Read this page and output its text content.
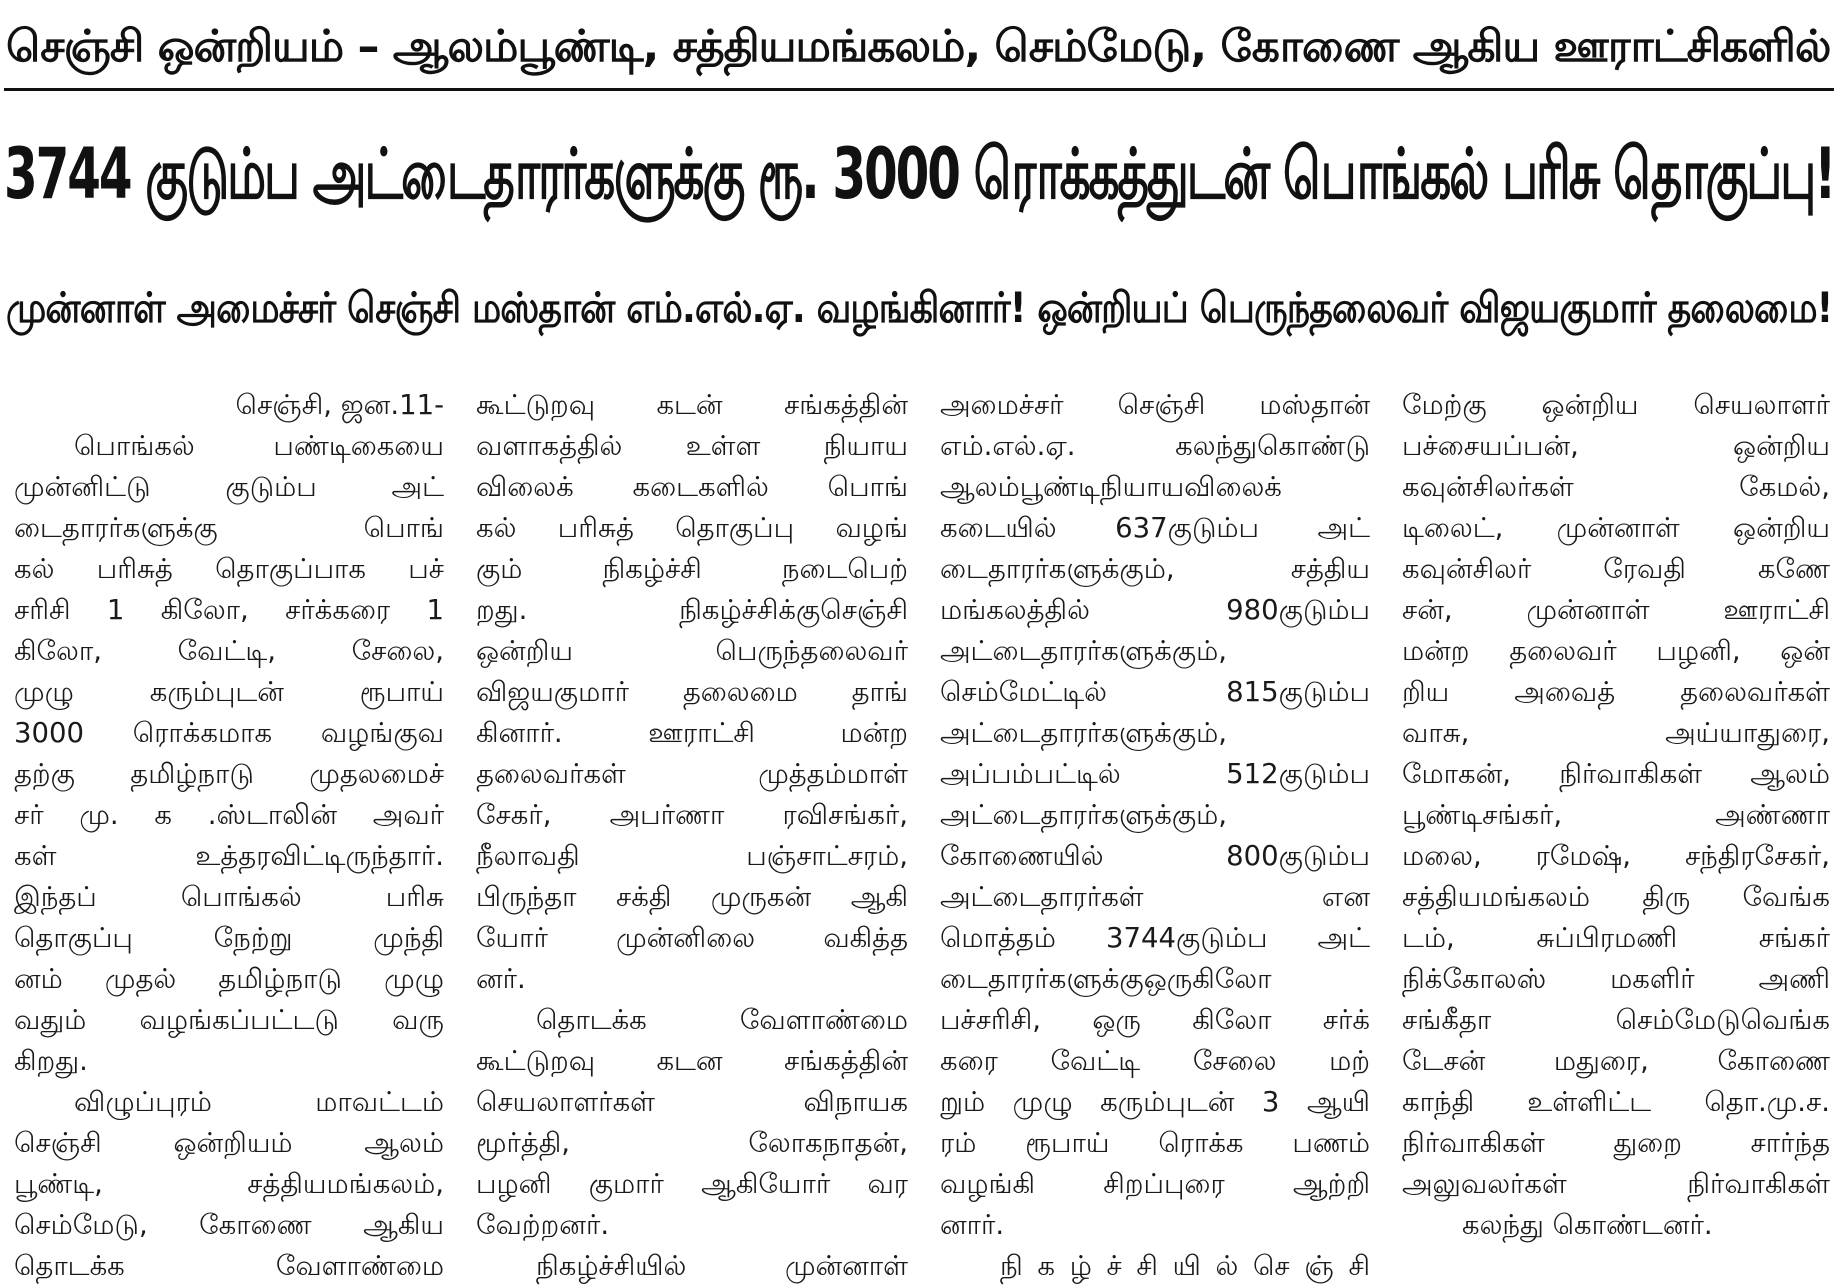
செஞ்சி ஒன்றியம் – ஆலம்பூண்டி, சத்தியமங்கலம், செம்மேடு, கோணை ஆகிய ஊராட்சிகளில்
3744 குடும்ப அட்டைதாரர்களுக்கு ரூ. 3000 ரொக்கத்துடன் பொங்கல் பரிசு தொகுப்பு!
முன்னாள் அமைச்சர் செஞ்சி மஸ்தான் எம்.எல்.ஏ. வழங்கினார்! ஒன்றியப் பெருந்தலைவர் விஜயகுமார் தலைமை!
செஞ்சி, ஜன.11-
பொங்கல் பண்டிகையை
முன்னிட்டு குடும்ப அட்
டைதாரர்களுக்கு பொங்
கல் பரிசுத் தொகுப்பாக பச்
சரிசி 1 கிலோ, சர்க்கரை 1
கிலோ, வேட்டி, சேலை,
முழு கரும்புடன் ரூபாய்
3000 ரொக்கமாக வழங்குவ
தற்கு தமிழ்நாடு முதலமைச்
சர் மு. க .ஸ்டாலின் அவர்
கள் உத்தரவிட்டிருந்தார்.
இந்தப் பொங்கல் பரிசு
தொகுப்பு நேற்று முந்தி
னம் முதல் தமிழ்நாடு முழு
வதும் வழங்கப்பட்டடு வரு
கிறது.
விழுப்புரம் மாவட்டம்
செஞ்சி ஒன்றியம் ஆலம்
பூண்டி, சத்தியமங்கலம்,
செம்மேடு, கோணை ஆகிய
தொடக்க வேளாண்மை
கூட்டுறவு கடன் சங்கத்தின்
வளாகத்தில் உள்ள நியாய
விலைக் கடைகளில் பொங்
கல் பரிசுத் தொகுப்பு வழங்
கும் நிகழ்ச்சி நடைபெற்
றது. நிகழ்ச்சிக்குசெஞ்சி
ஒன்றிய பெருந்தலைவர்
விஜயகுமார் தலைமை தாங்
கினார். ஊராட்சி மன்ற
தலைவர்கள் முத்தம்மாள்
சேகர், அபர்ணா ரவிசங்கர்,
நீலாவதி பஞ்சாட்சரம்,
பிருந்தா சக்தி முருகன் ஆகி
யோர் முன்னிலை வகித்த
னர்.
தொடக்க வேளாண்மை
கூட்டுறவு கடன சங்கத்தின்
செயலாளர்கள் விநாயக
மூர்த்தி, லோகநாதன்,
பழனி குமார் ஆகியோர் வர
வேற்றனர்.
நிகழ்ச்சியில் முன்னாள்
அமைச்சர் செஞ்சி மஸ்தான்
எம்.எல்.ஏ. கலந்துகொண்டு
ஆலம்பூண்டிநியாயவிலைக்
கடையில் 637குடும்ப அட்
டைதாரர்களுக்கும், சத்திய
மங்கலத்தில் 980குடும்ப
அட்டைதாரர்களுக்கும்,
செம்மேட்டில் 815குடும்ப
அட்டைதாரர்களுக்கும்,
அப்பம்பட்டில் 512குடும்ப
அட்டைதாரர்களுக்கும்,
கோணையில் 800குடும்ப
அட்டைதாரர்கள் என
மொத்தம் 3744குடும்ப அட்
டைதாரர்களுக்குஒருகிலோ
பச்சரிசி, ஒரு கிலோ சர்க்
கரை வேட்டி சேலை மற்
றும் முழு கரும்புடன் 3 ஆயி
ரம் ரூபாய் ரொக்க பணம்
வழங்கி சிறப்புரை ஆற்றி
னார்.
நி க ழ் ச் சி யி ல் செ ஞ் சி
மேற்கு ஒன்றிய செயலாளர்
பச்சையப்பன், ஒன்றிய
கவுன்சிலர்கள் கேமல்,
டிலைட், முன்னாள் ஒன்றிய
கவுன்சிலர் ரேவதி கணே
சன், முன்னாள் ஊராட்சி
மன்ற தலைவர் பழனி, ஒன்
றிய அவைத் தலைவர்கள்
வாசு, அய்யாதுரை,
மோகன், நிர்வாகிகள் ஆலம்
பூண்டிசங்கர், அண்ணா
மலை, ரமேஷ், சந்திரசேகர்,
சத்தியமங்கலம் திரு வேங்க
டம், சுப்பிரமணி சங்கர்
நிக்கோலஸ் மகளிர் அணி
சங்கீதா செம்மேடுவெங்க
டேசன் மதுரை, கோணை
காந்தி உள்ளிட்ட தொ.மு.ச.
நிர்வாகிகள் துறை சார்ந்த
அலுவலர்கள் நிர்வாகிகள்
கலந்து கொண்டனர்.
